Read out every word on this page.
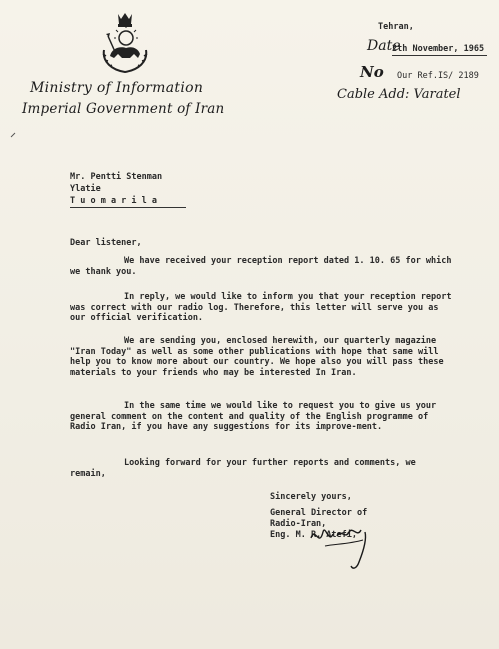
Ministry of Information
Imperial Government of Iran
Tehran,
Date
2th November, 1965
No Our Ref.IS/ 2189
Cable Add: Varatel
Mr. Pentti Stenman
Ylatie
T u o m a r i l a

Dear listener,

We have received your reception report dated 1. 10. 65 for which we thank you.

In reply, we would like to inform you that your reception report was correct with our radio log. Therefore, this letter will serve you as our official verification.

We are sending you, enclosed herewith, our quarterly magazine "Iran Today" as well as some other publications with hope that same will help you to know more about our country. We hope also you will pass these materials to your friends who may be interested In Iran.

In the same time we would like to request you to give us your general comment on the content and quality of the English programme of Radio Iran, if you have any suggestions for its improve-ment.

Looking forward for your further reports and comments, we remain,

Sincerely yours,

General Director of

Radio-Iran,

Eng. M. R. Atefi,
